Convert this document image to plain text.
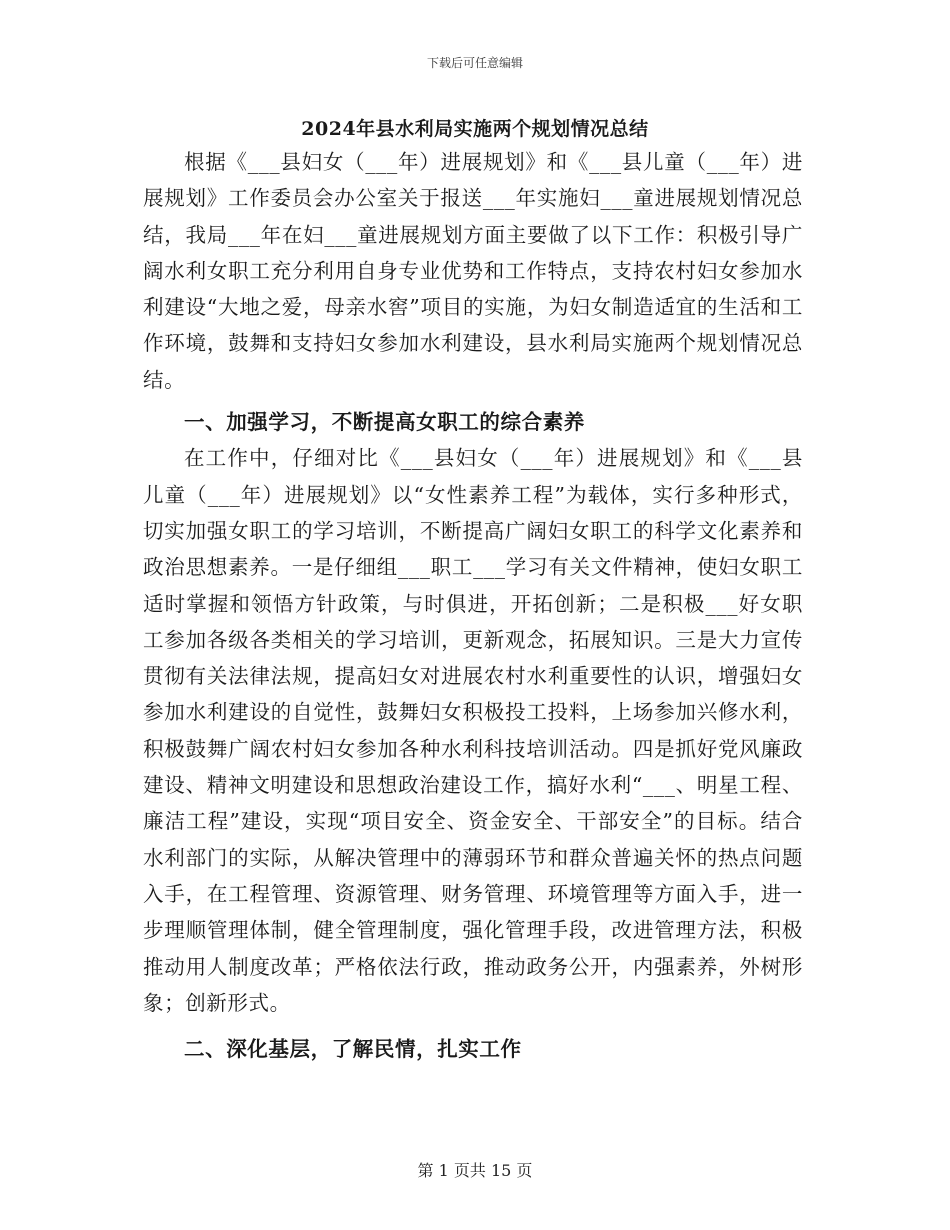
下载后可任意编辑
2024年县水利局实施两个规划情况总结

根据《___县妇女（___年）进展规划》和《___县儿童（___年）进展规划》工作委员会办公室关于报送___年实施妇___童进展规划情况总结，我局___年在妇___童进展规划方面主要做了以下工作：积极引导广阔水利女职工充分利用自身专业优势和工作特点，支持农村妇女参加水利建设“大地之爱，母亲水窖”项目的实施，为妇女制造适宜的生活和工作环境，鼓舞和支持妇女参加水利建设，县水利局实施两个规划情况总结。

一、加强学习，不断提高女职工的综合素养

在工作中，仔细对比《___县妇女（___年）进展规划》和《___县儿童（___年）进展规划》以“女性素养工程”为载体，实行多种形式，切实加强女职工的学习培训，不断提高广阔妇女职工的科学文化素养和政治思想素养。一是仔细组___职工___学习有关文件精神，使妇女职工适时掌握和领悟方针政策，与时俱进，开拓创新；二是积极___好女职工参加各级各类相关的学习培训，更新观念，拓展知识。三是大力宣传贯彻有关法律法规，提高妇女对进展农村水利重要性的认识，增强妇女参加水利建设的自觉性，鼓舞妇女积极投工投料，上场参加兴修水利，积极鼓舞广阔农村妇女参加各种水利科技培训活动。四是抓好党风廉政建设、精神文明建设和思想政治建设工作，搞好水利“___、明星工程、廉洁工程”建设，实现“项目安全、资金安全、干部安全”的目标。结合水利部门的实际，从解决管理中的薄弱环节和群众普遍关怀的热点问题入手，在工程管理、资源管理、财务管理、环境管理等方面入手，进一步理顺管理体制，健全管理制度，强化管理手段，改进管理方法，积极推动用人制度改革；严格依法行政，推动政务公开，内强素养，外树形象；创新形式。

二、深化基层，了解民情，扎实工作

第 1 页共 15 页
